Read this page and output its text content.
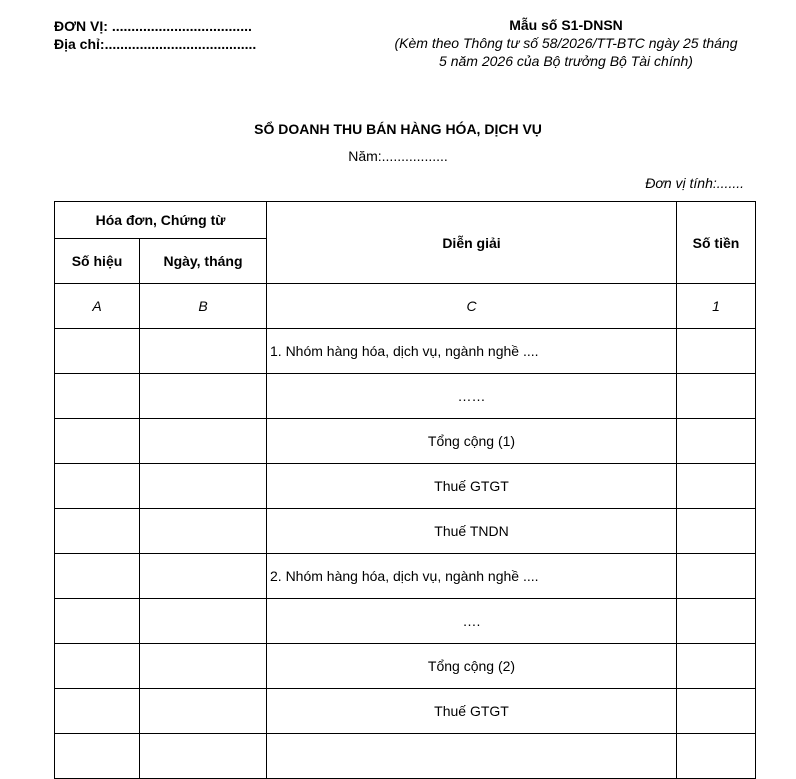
ĐƠN VỊ: ....................................
Địa chỉ:.......................................
Mẫu số S1-DNSN
(Kèm theo Thông tư số 58/2026/TT-BTC ngày 25 tháng 5 năm 2026 của Bộ trưởng Bộ Tài chính)
SỔ DOANH THU BÁN HÀNG HÓA, DỊCH VỤ
Năm:.................
Đơn vị tính:.......
Hóa đơn, Chứng từ		Diễn giải	Số tiền
Số hiệu	Ngày, tháng		
A	B	C	1
		1. Nhóm hàng hóa, dịch vụ, ngành nghề ....	
		……	
		Tổng cộng (1)	
		Thuế GTGT	
		Thuế TNDN	
		2. Nhóm hàng hóa, dịch vụ, ngành nghề ....	
		….	
		Tổng cộng (2)	
		Thuế GTGT	
